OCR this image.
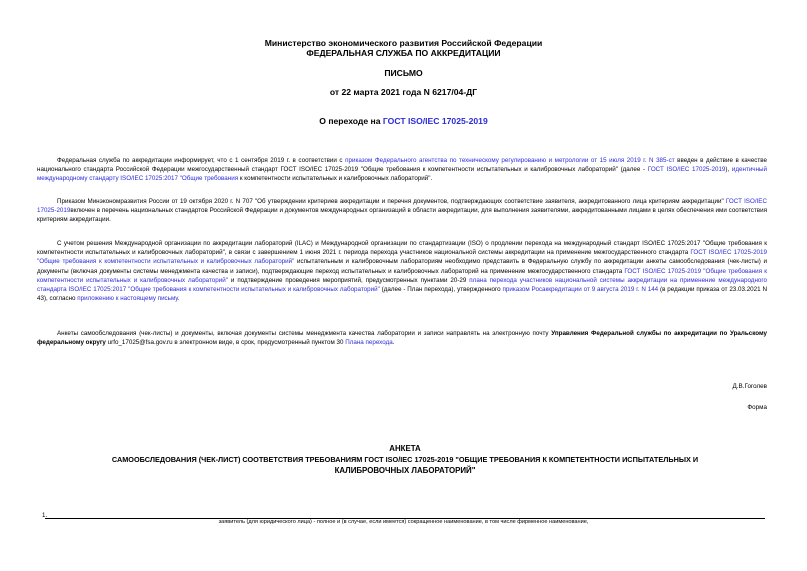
Министерство экономического развития Российской Федерации
ФЕДЕРАЛЬНАЯ СЛУЖБА ПО АККРЕДИТАЦИИ
ПИСЬМО
от 22 марта 2021 года N 6217/04-ДГ
О переходе на ГОСТ ISO/IEC 17025-2019

Федеральная служба по аккредитации информирует, что с 1 сентября 2019 г. в соответствии с приказом Федерального агентства по техническому регулированию и метрологии от 15 июля 2019 г. N 385-ст введен в действие в качестве национального стандарта Российской Федерации межгосударственный стандарт ГОСТ ISO/IEC 17025-2019 "Общие требования к компетентности испытательных и калибровочных лабораторий" (далее - ГОСТ ISO/IEC 17025-2019), идентичный международному стандарту ISO/IEC 17025:2017 "Общие требования к компетентности испытательных и калибровочных лабораторий".

Приказом Минэкономразвития России от 19 октября 2020 г. N 707 "Об утверждении критериев аккредитации и перечня документов, подтверждающих соответствие заявителя, аккредитованного лица критериям аккредитации" ГОСТ ISO/IEC 17025-2019включен в перечень национальных стандартов Российской Федерации и документов международных организаций в области аккредитации, для выполнения заявителями, аккредитованными лицами в целях обеспечения ими соответствия критериям аккредитации.

С учетом решения Международной организации по аккредитации лабораторий (ILAC) и Международной организации по стандартизации (ISO) о продлении перехода на международный стандарт ISO/IEC 17025:2017 "Общие требования к компетентности испытательных и калибровочных лабораторий", в связи с завершением 1 июня 2021 г. периода перехода участников национальной системы аккредитации на применение межгосударственного стандарта ГОСТ ISO/IEC 17025-2019 "Общие требования к компетентности испытательных и калибровочных лабораторий" испытательным и калибровочным лабораториям необходимо представить в Федеральную службу по аккредитации анкеты самообследования (чек-листы) и документы (включая документы системы менеджмента качества и записи), подтверждающие переход испытательных и калибровочных лабораторий на применение межгосударственного стандарта ГОСТ ISO/IEC 17025-2019 "Общие требования к компетентности испытательных и калибровочных лабораторий" и подтверждение проведения мероприятий, предусмотренных пунктами 20-29 плана перехода участников национальной системы аккредитации на применение международного стандарта ISO/IEC 17025:2017 "Общие требования к компетентности испытательных и калибровочных лабораторий" (далее - План перехода), утвержденного приказом Росаккредитации от 9 августа 2019 г. N 144 (в редакции приказа от 23.03.2021 N 43), согласно приложению к настоящему письму.

Анкеты самообследования (чек-листы) и документы, включая документы системы менеджмента качества лаборатории и записи направлять на электронную почту Управления Федеральной службы по аккредитации по Уральскому федеральному округу urfo_17025@fsa.gov.ru в электронном виде, в срок, предусмотренный пунктом 30 Плана перехода.

Д.В.Гоголев
Форма
АНКЕТА
САМООБСЛЕДОВАНИЯ (ЧЕК-ЛИСТ) СООТВЕТСТВИЯ ТРЕБОВАНИЯМ ГОСТ ISO/IEC 17025-2019 "ОБЩИЕ ТРЕБОВАНИЯ К КОМПЕТЕНТНОСТИ ИСПЫТАТЕЛЬНЫХ И
КАЛИБРОВОЧНЫХ ЛАБОРАТОРИЙ"
1.
заявитель (для юридического лица) - полное и (в случае, если имеется) сокращенное наименование, в том числе фирменное наименование,
